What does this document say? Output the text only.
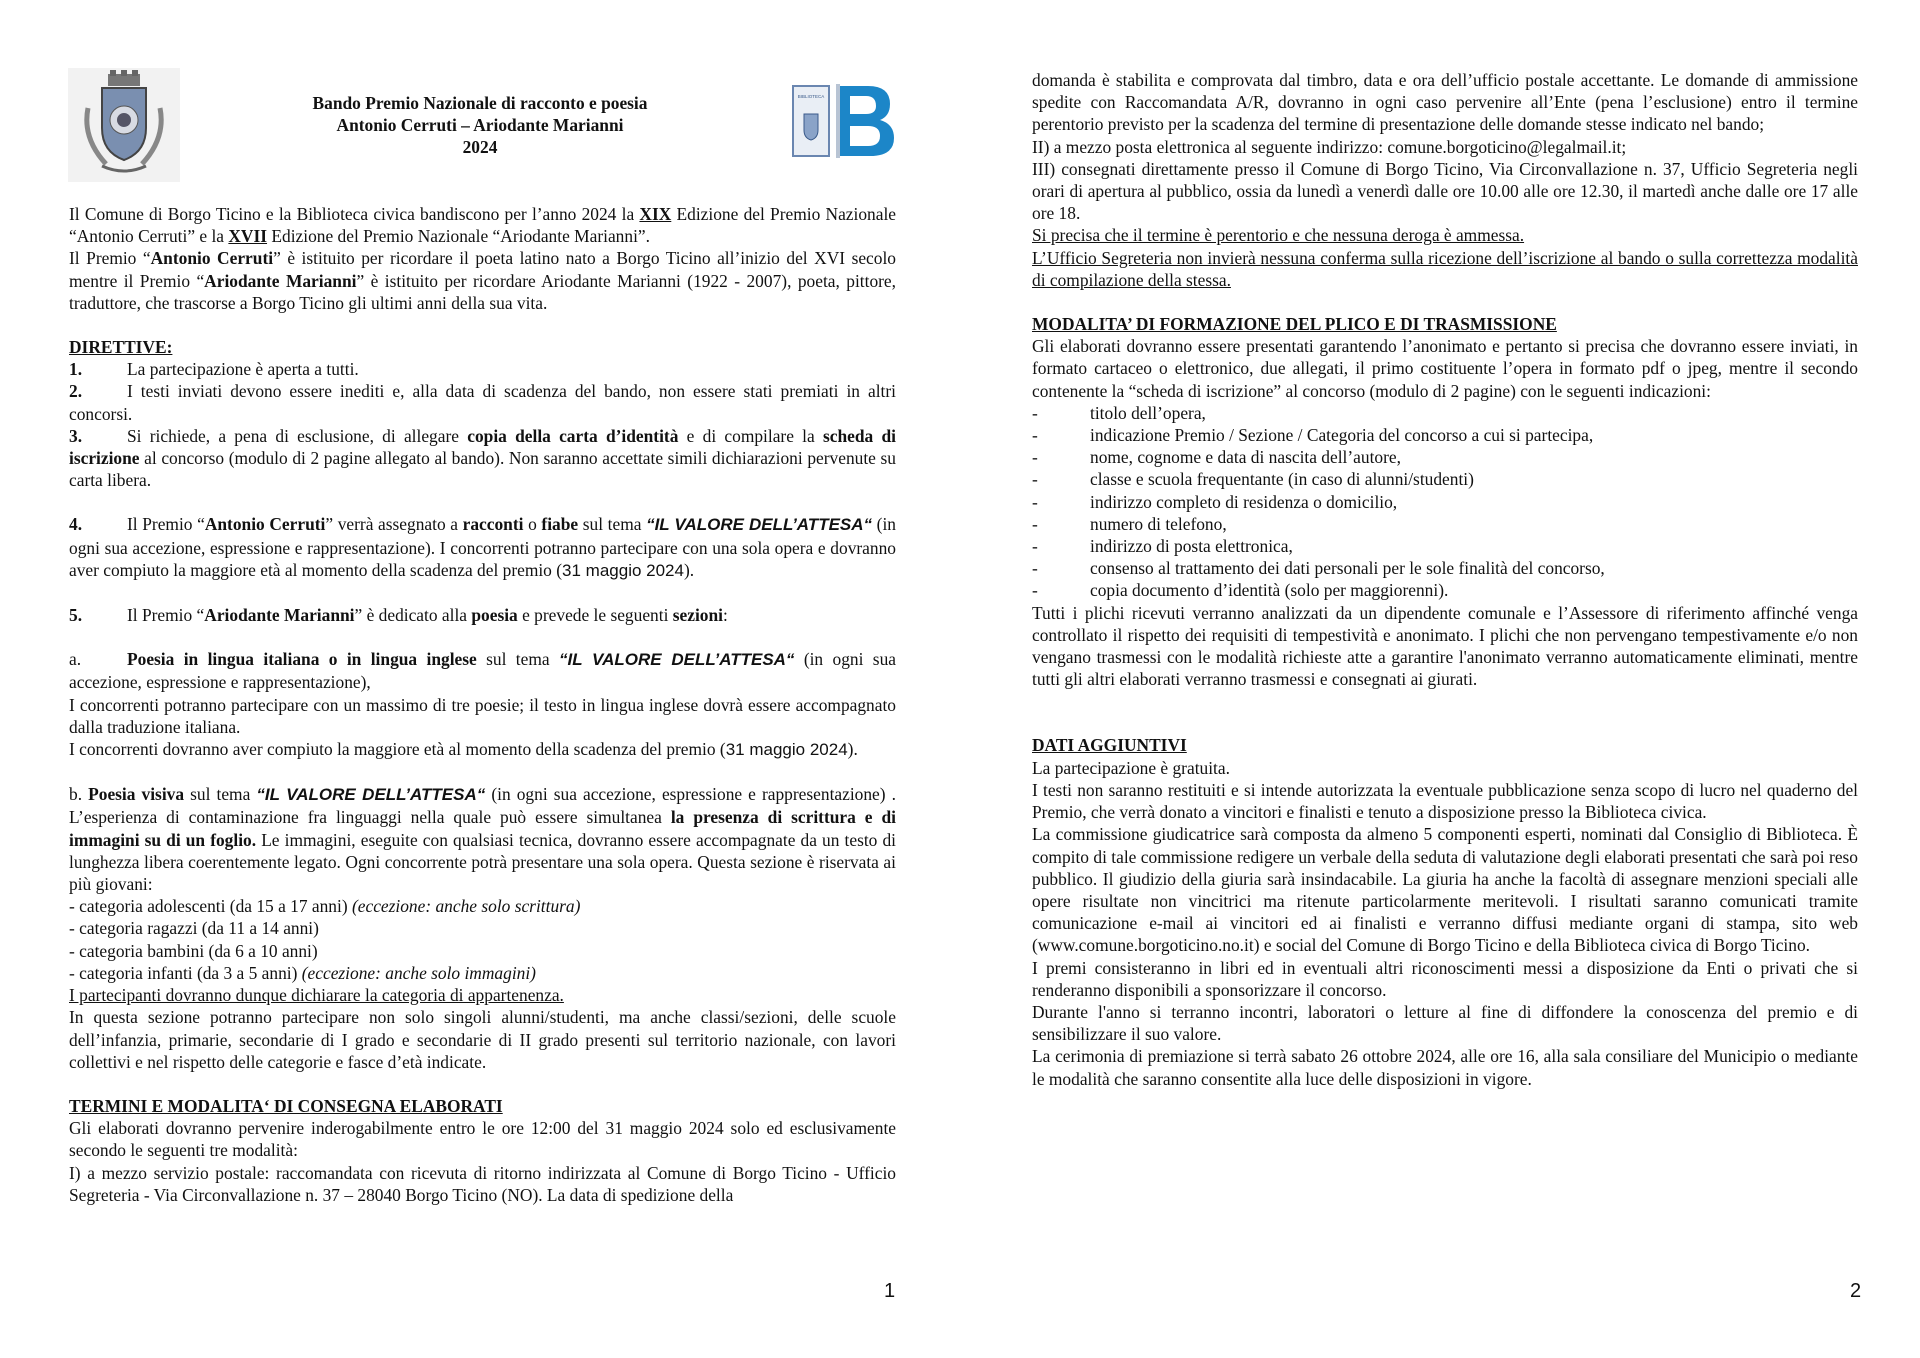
Bando Premio Nazionale di racconto e poesia
Antonio Cerruti – Ariodante Marianni
2024
BIBLIOTECA

Il Comune di Borgo Ticino e la Biblioteca civica bandiscono per l’anno 2024 la XIX Edizione del Premio Nazionale “Antonio Cerruti” e la XVII Edizione del Premio Nazionale “Ariodante Marianni”.

Il Premio “Antonio Cerruti” è istituito per ricordare il poeta latino nato a Borgo Ticino all’inizio del XVI secolo mentre il Premio “Ariodante Marianni” è istituito per ricordare Ariodante Marianni (1922 - 2007), poeta, pittore, traduttore, che trascorse a Borgo Ticino gli ultimi anni della sua vita.

DIRETTIVE:

1.	La partecipazione è aperta a tutti.

2.	I testi inviati devono essere inediti e, alla data di scadenza del bando, non essere stati premiati in altri concorsi.

3.	Si richiede, a pena di esclusione, di allegare copia della carta d’identità e di compilare la scheda di iscrizione al concorso (modulo di 2 pagine allegato al bando). Non saranno accettate simili dichiarazioni pervenute su carta libera.

4.	Il Premio “Antonio Cerruti” verrà assegnato a racconti o fiabe sul tema “IL VALORE DELL’ATTESA“ (in ogni sua accezione, espressione e rappresentazione). I concorrenti potranno partecipare con una sola opera e dovranno aver compiuto la maggiore età al momento della scadenza del premio (31 maggio 2024).

5.	Il Premio “Ariodante Marianni” è dedicato alla poesia e prevede le seguenti sezioni:

a.	Poesia in lingua italiana o in lingua inglese sul tema “IL VALORE DELL’ATTESA“ (in ogni sua accezione, espressione e rappresentazione),

I concorrenti potranno partecipare con un massimo di tre poesie; il testo in lingua inglese dovrà essere accompagnato dalla traduzione italiana.

I concorrenti dovranno aver compiuto la maggiore età al momento della scadenza del premio (31 maggio 2024).

b. Poesia visiva sul tema “IL VALORE DELL’ATTESA“ (in ogni sua accezione, espressione e rappresentazione) . L’esperienza di contaminazione fra linguaggi nella quale può essere simultanea la presenza di scrittura e di immagini su di un foglio. Le immagini, eseguite con qualsiasi tecnica, dovranno essere accompagnate da un testo di lunghezza libera coerentemente legato. Ogni concorrente potrà presentare una sola opera. Questa sezione è riservata ai più giovani:

- categoria adolescenti (da 15 a 17 anni) (eccezione: anche solo scrittura)

- categoria ragazzi (da 11 a 14 anni)

- categoria bambini (da 6 a 10 anni)

- categoria infanti (da 3 a 5 anni) (eccezione: anche solo immagini)

I partecipanti dovranno dunque dichiarare la categoria di appartenenza.

In questa sezione potranno partecipare non solo singoli alunni/studenti, ma anche classi/sezioni, delle scuole dell’infanzia, primarie, secondarie di I grado e secondarie di II grado presenti sul territorio nazionale, con lavori collettivi e nel rispetto delle categorie e fasce d’età indicate.

TERMINI E MODALITA‘ DI CONSEGNA ELABORATI

Gli elaborati dovranno pervenire inderogabilmente entro le ore 12:00 del 31 maggio 2024 solo ed esclusivamente secondo le seguenti tre modalità:

I) a mezzo servizio postale: raccomandata con ricevuta di ritorno indirizzata al Comune di Borgo Ticino - Ufficio Segreteria - Via Circonvallazione n. 37 – 28040 Borgo Ticino (NO). La data di spedizione della

1

domanda è stabilita e comprovata dal timbro, data e ora dell’ufficio postale accettante. Le domande di ammissione spedite con Raccomandata A/R, dovranno in ogni caso pervenire all’Ente (pena l’esclusione) entro il termine perentorio previsto per la scadenza del termine di presentazione delle domande stesse indicato nel bando;

II) a mezzo posta elettronica al seguente indirizzo: comune.borgoticino@legalmail.it;

III) consegnati direttamente presso il Comune di Borgo Ticino, Via Circonvallazione n. 37, Ufficio Segreteria negli orari di apertura al pubblico, ossia da lunedì a venerdì dalle ore 10.00 alle ore 12.30, il martedì anche dalle ore 17 alle ore 18.

Si precisa che il termine è perentorio e che nessuna deroga è ammessa.

L’Ufficio Segreteria non invierà nessuna conferma sulla ricezione dell’iscrizione al bando o sulla correttezza modalità di compilazione della stessa.

MODALITA’ DI FORMAZIONE DEL PLICO E DI TRASMISSIONE

Gli elaborati dovranno essere presentati garantendo l’anonimato e pertanto si precisa che dovranno essere inviati, in formato cartaceo o elettronico, due allegati, il primo costituente l’opera in formato pdf o jpeg, mentre il secondo contenente la “scheda di iscrizione” al concorso (modulo di 2 pagine) con le seguenti indicazioni:

-	titolo dell’opera,

-	indicazione Premio / Sezione / Categoria del concorso a cui si partecipa,

-	nome, cognome e data di nascita dell’autore,

-	classe e scuola frequentante (in caso di alunni/studenti)

-	indirizzo completo di residenza o domicilio,

-	numero di telefono,

-	indirizzo di posta elettronica,

-	consenso al trattamento dei dati personali per le sole finalità del concorso,

-	copia documento d’identità (solo per maggiorenni).

Tutti i plichi ricevuti verranno analizzati da un dipendente comunale e l’Assessore di riferimento affinché venga controllato il rispetto dei requisiti di tempestività e anonimato. I plichi che non pervengano tempestivamente e/o non vengano trasmessi con le modalità richieste atte a garantire l'anonimato verranno automaticamente eliminati, mentre tutti gli altri elaborati verranno trasmessi e consegnati ai giurati.

DATI AGGIUNTIVI

La partecipazione è gratuita.

I testi non saranno restituiti e si intende autorizzata la eventuale pubblicazione senza scopo di lucro nel quaderno del Premio, che verrà donato a vincitori e finalisti e tenuto a disposizione presso la Biblioteca civica.

La commissione giudicatrice sarà composta da almeno 5 componenti esperti, nominati dal Consiglio di Biblioteca. È compito di tale commissione redigere un verbale della seduta di valutazione degli elaborati presentati che sarà poi reso pubblico. Il giudizio della giuria sarà insindacabile. La giuria ha anche la facoltà di assegnare menzioni speciali alle opere risultate non vincitrici ma ritenute particolarmente meritevoli. I risultati saranno comunicati tramite comunicazione e-mail ai vincitori ed ai finalisti e verranno diffusi mediante organi di stampa, sito web (www.comune.borgoticino.no.it) e social del Comune di Borgo Ticino e della Biblioteca civica di Borgo Ticino.

I premi consisteranno in libri ed in eventuali altri riconoscimenti messi a disposizione da Enti o privati che si renderanno disponibili a sponsorizzare il concorso.

Durante l'anno si terranno incontri, laboratori o letture al fine di diffondere la conoscenza del premio e di sensibilizzare il suo valore.

La cerimonia di premiazione si terrà sabato 26 ottobre 2024, alle ore 16, alla sala consiliare del Municipio o mediante le modalità che saranno consentite alla luce delle disposizioni in vigore.

2
